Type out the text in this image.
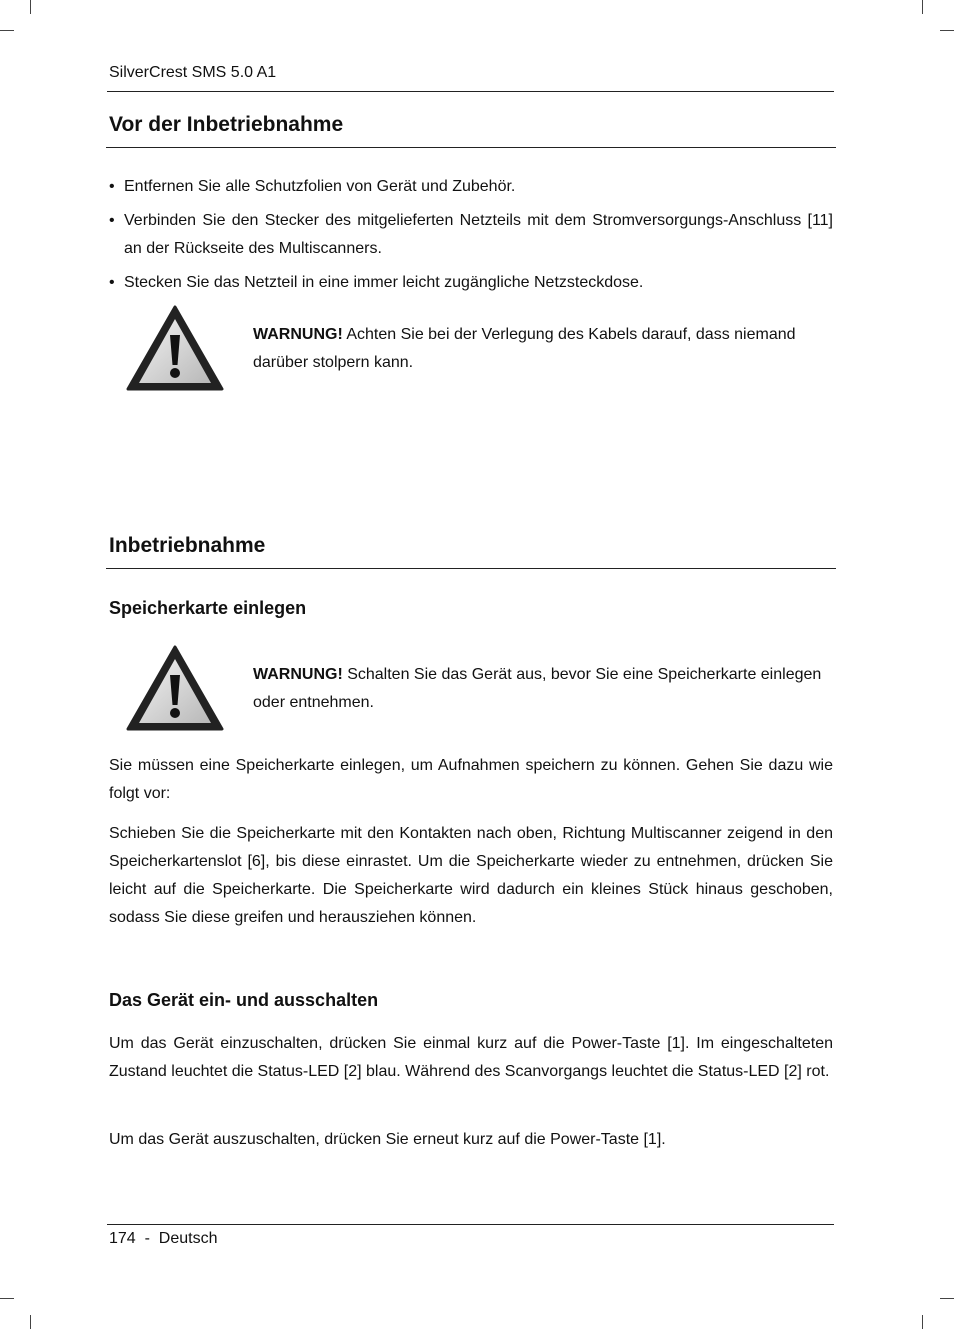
SilverCrest SMS 5.0 A1
Vor der Inbetriebnahme
• Entfernen Sie alle Schutzfolien von Gerät und Zubehör.
• Verbinden Sie den Stecker des mitgelieferten Netzteils mit dem Stromversorgungs-Anschluss [11] an der Rückseite des Multiscanners.
• Stecken Sie das Netzteil in eine immer leicht zugängliche Netzsteckdose.
WARNUNG! Achten Sie bei der Verlegung des Kabels darauf, dass niemand darüber stolpern kann.
Inbetriebnahme
Speicherkarte einlegen
WARNUNG! Schalten Sie das Gerät aus, bevor Sie eine Speicherkarte einlegen oder entnehmen.
Sie müssen eine Speicherkarte einlegen, um Aufnahmen speichern zu können. Gehen Sie dazu wie folgt vor:
Schieben Sie die Speicherkarte mit den Kontakten nach oben, Richtung Multiscanner zeigend in den Speicherkartenslot [6], bis diese einrastet. Um die Speicherkarte wieder zu entnehmen, drücken Sie leicht auf die Speicherkarte. Die Speicherkarte wird dadurch ein kleines Stück hinaus geschoben, sodass Sie diese greifen und herausziehen können.
Das Gerät ein- und ausschalten
Um das Gerät einzuschalten, drücken Sie einmal kurz auf die Power-Taste [1]. Im eingeschalteten Zustand leuchtet die Status-LED [2] blau. Während des Scanvorgangs leuchtet die Status-LED [2] rot.
Um das Gerät auszuschalten, drücken Sie erneut kurz auf die Power-Taste [1].
174  -  Deutsch
